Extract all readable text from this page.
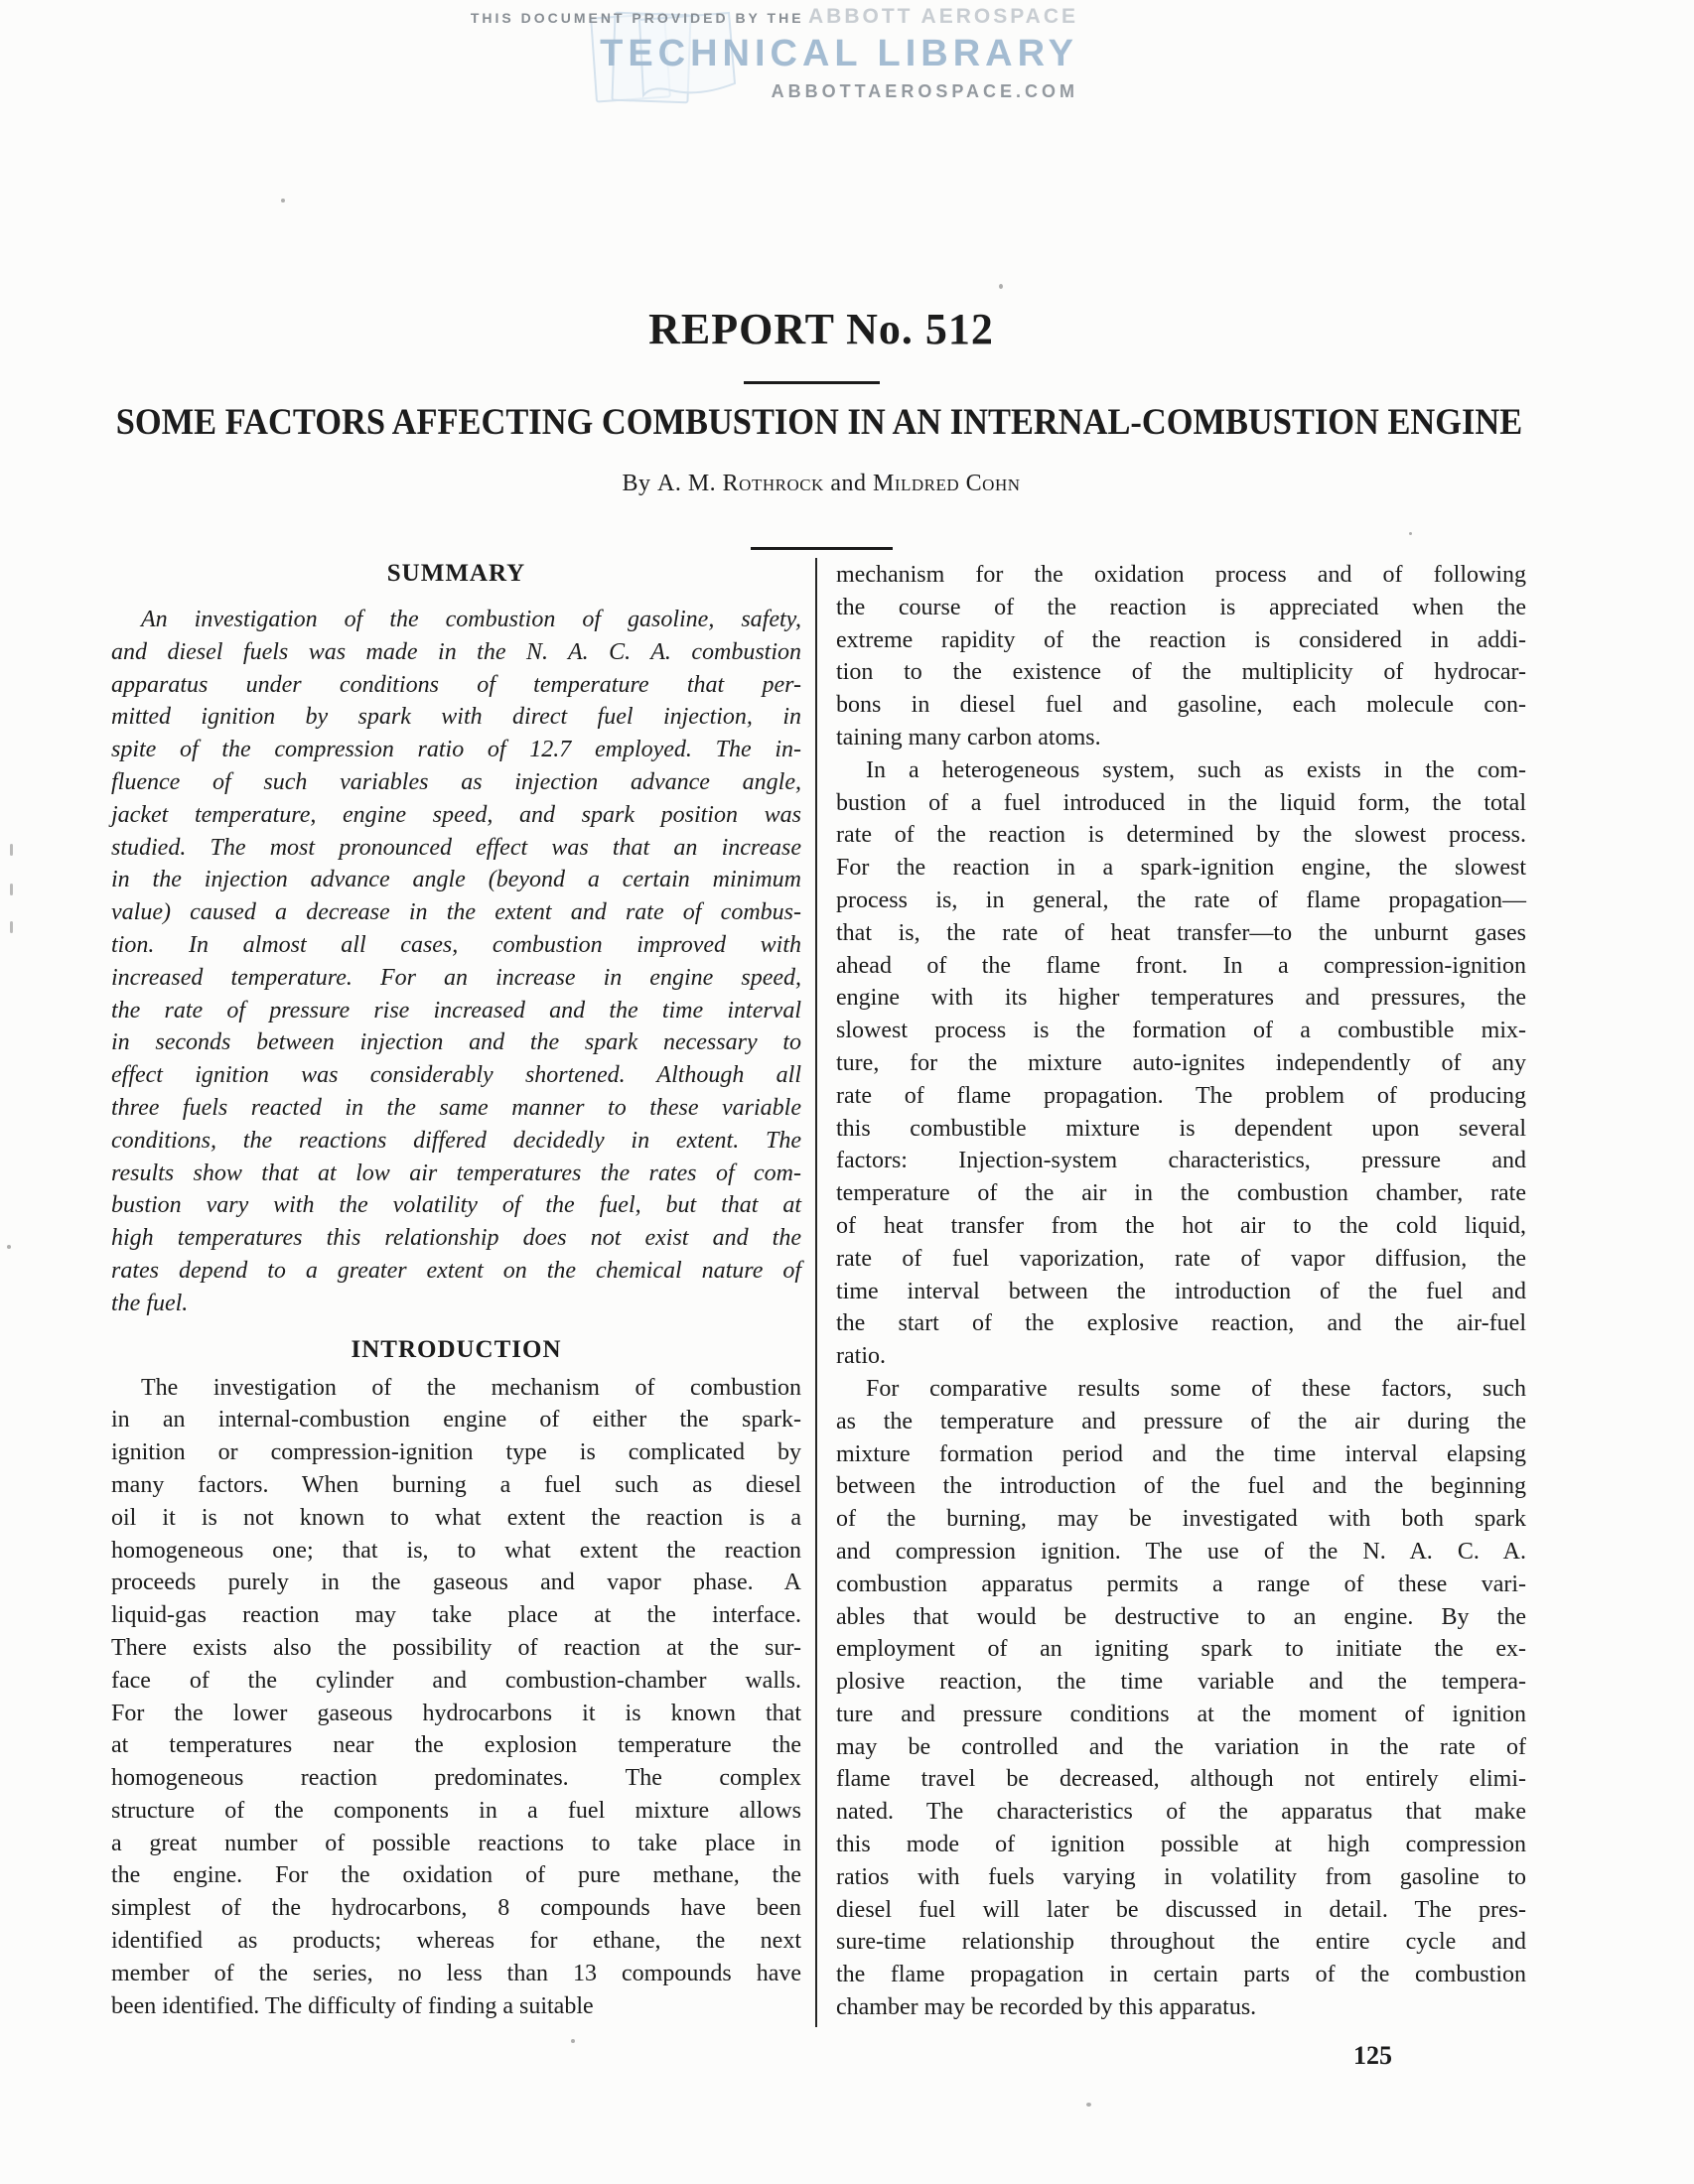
THIS DOCUMENT PROVIDED BY THE ABBOTT AEROSPACE
TECHNICAL LIBRARY
ABBOTTAEROSPACE.COM
REPORT No. 512
SOME FACTORS AFFECTING COMBUSTION IN AN INTERNAL-COMBUSTION ENGINE
By A. M. Rothrock and Mildred Cohn
SUMMARY
An investigation of the combustion of gasoline, safety,
and diesel fuels was made in the N. A. C. A. combustion
apparatus under conditions of temperature that per-
mitted ignition by spark with direct fuel injection, in
spite of the compression ratio of 12.7 employed. The in-
fluence of such variables as injection advance angle,
jacket temperature, engine speed, and spark position was
studied. The most pronounced effect was that an increase
in the injection advance angle (beyond a certain minimum
value) caused a decrease in the extent and rate of combus-
tion. In almost all cases, combustion improved with
increased temperature. For an increase in engine speed,
the rate of pressure rise increased and the time interval
in seconds between injection and the spark necessary to
effect ignition was considerably shortened. Although all
three fuels reacted in the same manner to these variable
conditions, the reactions differed decidedly in extent. The
results show that at low air temperatures the rates of com-
bustion vary with the volatility of the fuel, but that at
high temperatures this relationship does not exist and the
rates depend to a greater extent on the chemical nature of
the fuel.
INTRODUCTION
The investigation of the mechanism of combustion
in an internal-combustion engine of either the spark-
ignition or compression-ignition type is complicated by
many factors. When burning a fuel such as diesel
oil it is not known to what extent the reaction is a
homogeneous one; that is, to what extent the reaction
proceeds purely in the gaseous and vapor phase. A
liquid-gas reaction may take place at the interface.
There exists also the possibility of reaction at the sur-
face of the cylinder and combustion-chamber walls.
For the lower gaseous hydrocarbons it is known that
at temperatures near the explosion temperature the
homogeneous reaction predominates. The complex
structure of the components in a fuel mixture allows
a great number of possible reactions to take place in
the engine. For the oxidation of pure methane, the
simplest of the hydrocarbons, 8 compounds have been
identified as products; whereas for ethane, the next
member of the series, no less than 13 compounds have
been identified. The difficulty of finding a suitable
mechanism for the oxidation process and of following
the course of the reaction is appreciated when the
extreme rapidity of the reaction is considered in addi-
tion to the existence of the multiplicity of hydrocar-
bons in diesel fuel and gasoline, each molecule con-
taining many carbon atoms.
In a heterogeneous system, such as exists in the com-
bustion of a fuel introduced in the liquid form, the total
rate of the reaction is determined by the slowest process.
For the reaction in a spark-ignition engine, the slowest
process is, in general, the rate of flame propagation—
that is, the rate of heat transfer—to the unburnt gases
ahead of the flame front. In a compression-ignition
engine with its higher temperatures and pressures, the
slowest process is the formation of a combustible mix-
ture, for the mixture auto-ignites independently of any
rate of flame propagation. The problem of producing
this combustible mixture is dependent upon several
factors: Injection-system characteristics, pressure and
temperature of the air in the combustion chamber, rate
of heat transfer from the hot air to the cold liquid,
rate of fuel vaporization, rate of vapor diffusion, the
time interval between the introduction of the fuel and
the start of the explosive reaction, and the air-fuel
ratio.
For comparative results some of these factors, such
as the temperature and pressure of the air during the
mixture formation period and the time interval elapsing
between the introduction of the fuel and the beginning
of the burning, may be investigated with both spark
and compression ignition. The use of the N. A. C. A.
combustion apparatus permits a range of these vari-
ables that would be destructive to an engine. By the
employment of an igniting spark to initiate the ex-
plosive reaction, the time variable and the tempera-
ture and pressure conditions at the moment of ignition
may be controlled and the variation in the rate of
flame travel be decreased, although not entirely elimi-
nated. The characteristics of the apparatus that make
this mode of ignition possible at high compression
ratios with fuels varying in volatility from gasoline to
diesel fuel will later be discussed in detail. The pres-
sure-time relationship throughout the entire cycle and
the flame propagation in certain parts of the combustion
chamber may be recorded by this apparatus.
125
